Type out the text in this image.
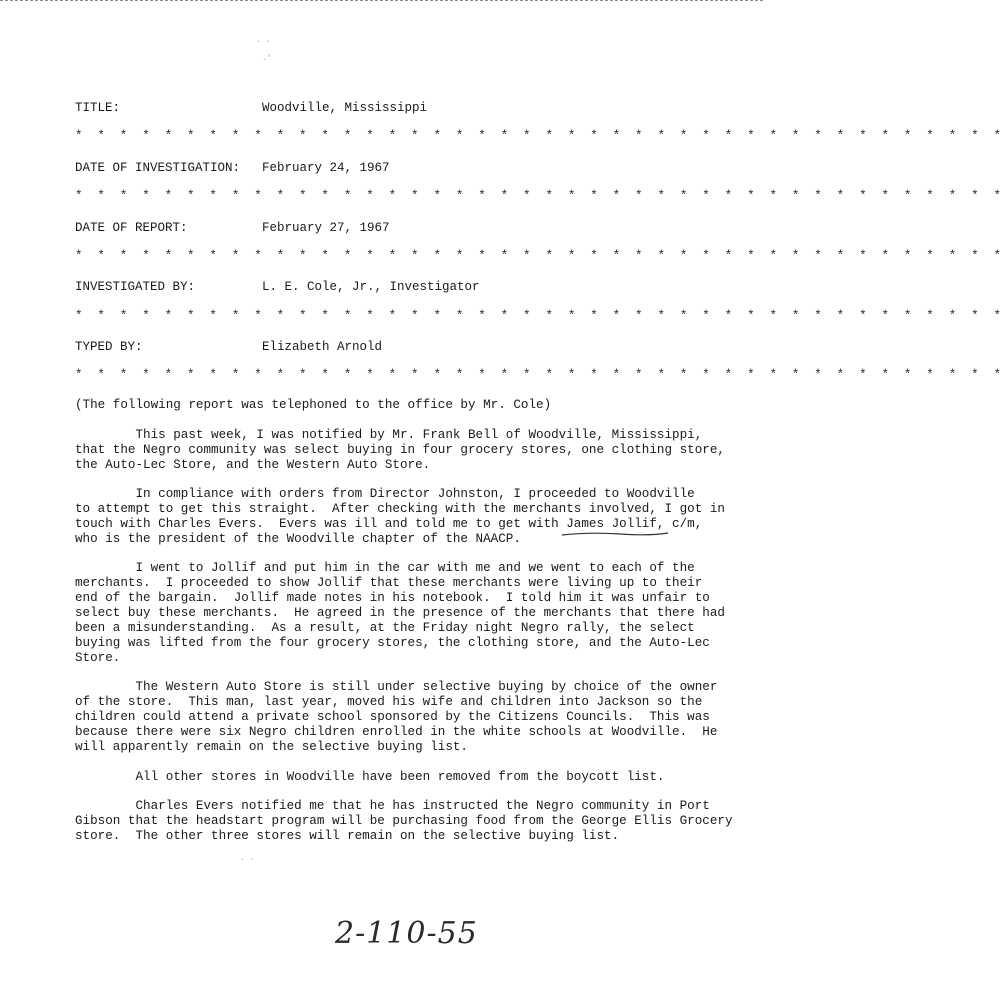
. .
.'
. .

TITLE:

	Woodville, Mississippi

* * * * * * * * * * * * * * * * * * * * * * * * * * * * * * * * * * * * * * * * * *

DATE OF INVESTIGATION:

February 24, 1967

* * * * * * * * * * * * * * * * * * * * * * * * * * * * * * * * * * * * * * * * * *

DATE OF REPORT:

	February 27, 1967

* * * * * * * * * * * * * * * * * * * * * * * * * * * * * * * * * * * * * * * * * *

INVESTIGATED BY:

	L. E. Cole, Jr., Investigator

* * * * * * * * * * * * * * * * * * * * * * * * * * * * * * * * * * * * * * * * * *

TYPED BY:

	Elizabeth Arnold

* * * * * * * * * * * * * * * * * * * * * * * * * * * * * * * * * * * * * * * * * *
(The following report was telephoned to the office by Mr. Cole)
This past week, I was notified by Mr. Frank Bell of Woodville, Mississippi,
that the Negro community was select buying in four grocery stores, one clothing store,
the Auto-Lec Store, and the Western Auto Store.
In compliance with orders from Director Johnston, I proceeded to Woodville
to attempt to get this straight.  After checking with the merchants involved, I got in
touch with Charles Evers.  Evers was ill and told me to get with James Jollif, c/m,
who is the president of the Woodville chapter of the NAACP.
I went to Jollif and put him in the car with me and we went to each of the
merchants.  I proceeded to show Jollif that these merchants were living up to their
end of the bargain.  Jollif made notes in his notebook.  I told him it was unfair to
select buy these merchants.  He agreed in the presence of the merchants that there had
been a misunderstanding.  As a result, at the Friday night Negro rally, the select
buying was lifted from the four grocery stores, the clothing store, and the Auto-Lec
Store.
The Western Auto Store is still under selective buying by choice of the owner
of the store.  This man, last year, moved his wife and children into Jackson so the
children could attend a private school sponsored by the Citizens Councils.  This was
because there were six Negro children enrolled in the white schools at Woodville.  He
will apparently remain on the selective buying list.
All other stores in Woodville have been removed from the boycott list.
Charles Evers notified me that he has instructed the Negro community in Port
Gibson that the headstart program will be purchasing food from the George Ellis Grocery
store.  The other three stores will remain on the selective buying list.
2-110-55
